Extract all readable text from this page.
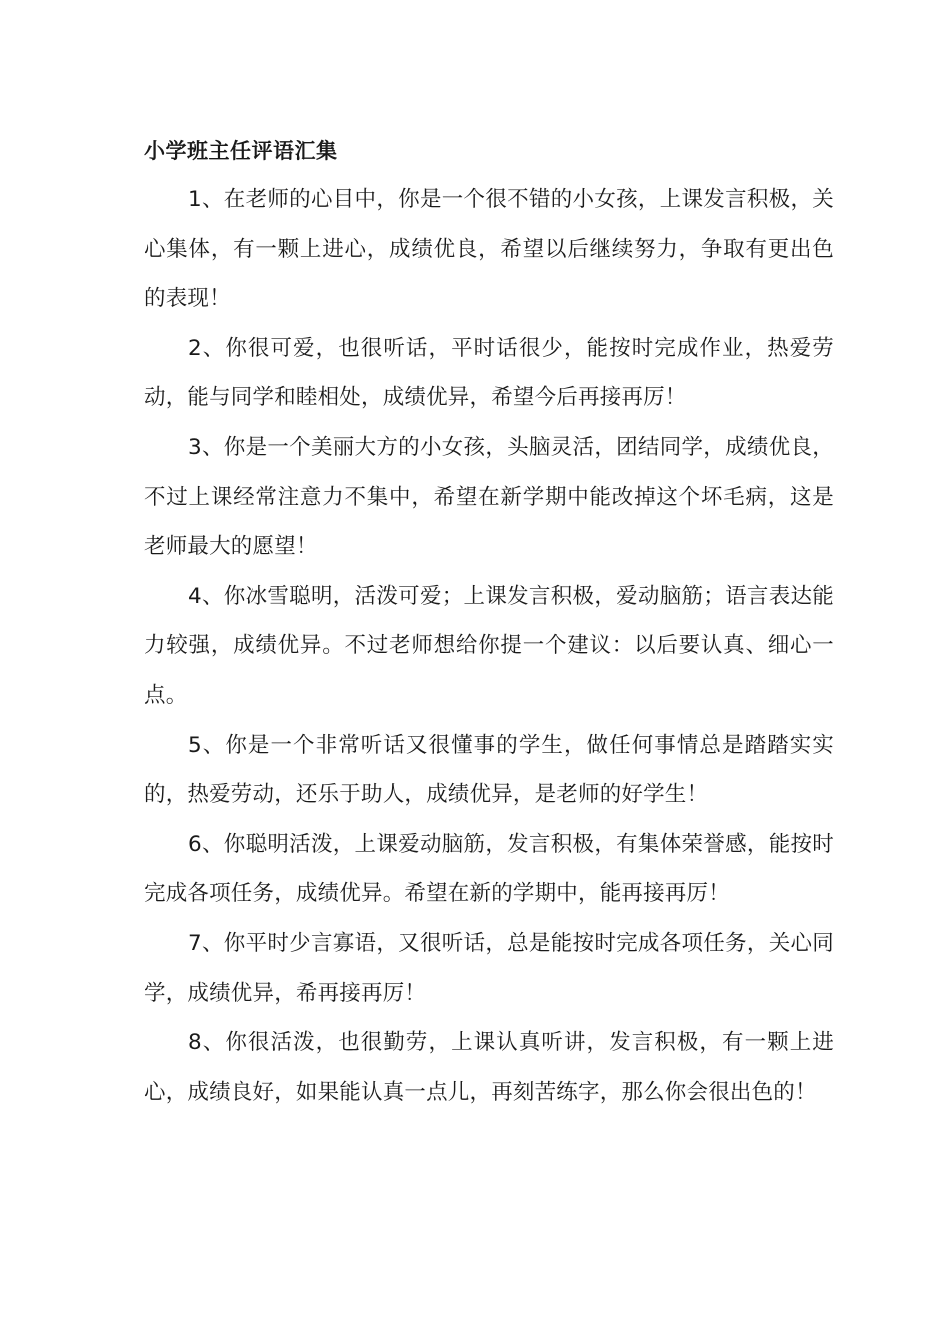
小学班主任评语汇集

1、在老师的心目中，你是一个很不错的小女孩，上课发言积极，关心集体，有一颗上进心，成绩优良，希望以后继续努力，争取有更出色的表现！

2、你很可爱，也很听话，平时话很少，能按时完成作业，热爱劳动，能与同学和睦相处，成绩优异，希望今后再接再厉！

3、你是一个美丽大方的小女孩，头脑灵活，团结同学，成绩优良，不过上课经常注意力不集中，希望在新学期中能改掉这个坏毛病，这是老师最大的愿望！

4、你冰雪聪明，活泼可爱；上课发言积极，爱动脑筋；语言表达能力较强，成绩优异。不过老师想给你提一个建议：以后要认真、细心一点。

5、你是一个非常听话又很懂事的学生，做任何事情总是踏踏实实的，热爱劳动，还乐于助人，成绩优异，是老师的好学生！

6、你聪明活泼，上课爱动脑筋，发言积极，有集体荣誉感，能按时完成各项任务，成绩优异。希望在新的学期中，能再接再厉！

7、你平时少言寡语，又很听话，总是能按时完成各项任务，关心同学，成绩优异，希再接再厉！

8、你很活泼，也很勤劳，上课认真听讲，发言积极，有一颗上进心，成绩良好，如果能认真一点儿，再刻苦练字，那么你会很出色的！
